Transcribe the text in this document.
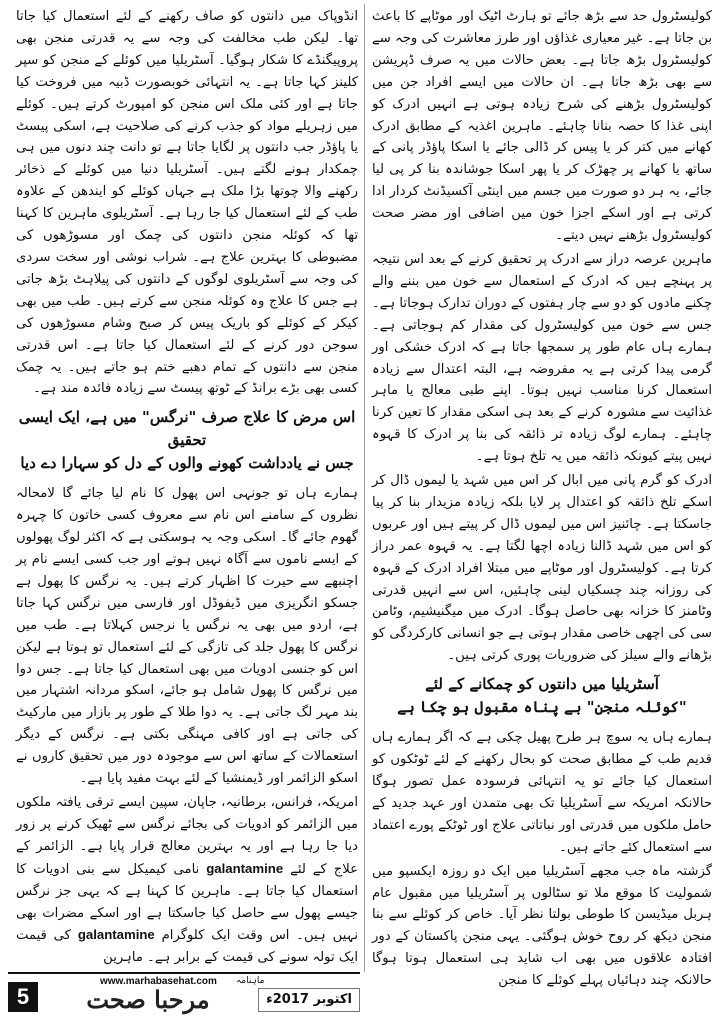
کولیسٹرول حد سے بڑھ جائے تو ہارٹ اٹیک اور موٹاپے کا باعث بن جاتا ہے۔ غیر معیاری غذاؤں اور طرز معاشرت کی وجہ سے کولیسٹرول بڑھ جاتا ہے۔ بعض حالات میں یہ صرف ڈپریشن سے بھی بڑھ جاتا ہے۔ ان حالات میں ایسے افراد جن میں کولیسٹرول بڑھنے کی شرح زیادہ ہوتی ہے انہیں ادرک کو اپنی غذا کا حصہ بنانا چاہئے۔ ماہرین اغذیہ کے مطابق ادرک کھانے میں کتر کر یا پیس کر ڈالی جائے یا اسکا پاؤڈر پانی کے ساتھ یا کھانے پر چھڑک کر یا پھر اسکا جوشاندہ بنا کر پی لیا جائے، یہ ہر دو صورت میں جسم میں اینٹی آکسیڈنٹ کردار ادا کرتی ہے اور اسکے اجزا خون میں اضافی اور مضر صحت کولیسٹرول بڑھنے نہیں دیتے۔

ماہرین عرصہ دراز سے ادرک پر تحقیق کرنے کے بعد اس نتیجہ پر پہنچے ہیں کہ ادرک کے استعمال سے خون میں بننے والے چکنے مادوں کو دو سے چار ہفتوں کے دوران تدارک ہوجاتا ہے۔ جس سے خون میں کولیسٹرول کی مقدار کم ہوجاتی ہے۔ ہمارے ہاں عام طور پر سمجھا جاتا ہے کہ ادرک خشکی اور گرمی پیدا کرتی ہے یہ مفروضہ ہے، البتہ اعتدال سے زیادہ استعمال کرنا مناسب نہیں ہوتا۔ اپنے طبی معالج یا ماہر غذائیت سے مشورہ کرنے کے بعد ہی اسکی مقدار کا تعین کرنا چاہئے۔ ہمارے لوگ زیادہ تر ذائقہ کی بنا پر ادرک کا قہوہ نہیں پیتے کیونکہ ذائقہ میں یہ تلخ ہوتا ہے۔

ادرک کو گرم پانی میں ابال کر اس میں شہد یا لیموں ڈال کر اسکے تلخ ذائقہ کو اعتدال پر لایا بلکہ زیادہ مزیدار بنا کر پیا جاسکتا ہے۔ چائنیز اس میں لیموں ڈال کر پیتے ہیں اور عربوں کو اس میں شہد ڈالنا زیادہ اچھا لگتا ہے۔ یہ قہوہ عمر دراز کرتا ہے۔ کولیسٹرول اور موٹاپے میں مبتلا افراد ادرک کے قہوہ کی روزانہ چند چسکیاں لینی چاہئیں، اس سے انہیں قدرتی وٹامنز کا خزانہ بھی حاصل ہوگا۔ ادرک میں میگنیشیم، وٹامن سی کی اچھی خاصی مقدار ہوتی ہے جو انسانی کارکردگی کو بڑھانے والے سیلز کی ضروریات پوری کرتی ہیں۔

آسٹریلیا میں دانتوں کو چمکانے کے لئے
"کوئلہ منجن" بے پناہ مقبول ہو چکا ہے

ہمارے ہاں یہ سوچ ہر طرح پھیل چکی ہے کہ اگر ہمارے ہاں قدیم طب کے مطابق صحت کو بحال رکھنے کے لئے ٹوٹکوں کو استعمال کیا جائے تو یہ انتہائی فرسودہ عمل تصور ہوگا حالانکہ امریکہ سے آسٹریلیا تک بھی متمدن اور عہد جدید کے حامل ملکوں میں قدرتی اور نباتاتی علاج اور ٹوٹکے پورے اعتماد سے استعمال کئے جاتے ہیں۔

گزشتہ ماہ جب مجھے آسٹریلیا میں ایک دو روزہ ایکسپو میں شمولیت کا موقع ملا تو سٹالوں پر آسٹریلیا میں مقبول عام ہربل میڈیسن کا طوطی بولتا نظر آیا۔ خاص کر کوئلے سے بنا منجن دیکھ کر روح خوش ہوگئی۔ یہی منجن پاکستان کے دور افتادہ علاقوں میں بھی اب شاید ہی استعمال ہوتا ہوگا حالانکہ چند دہائیاں پہلے کوئلے کا منجن

انڈوپاک میں دانتوں کو صاف رکھنے کے لئے استعمال کیا جاتا تھا۔ لیکن طب مخالفت کی وجہ سے یہ قدرتی منجن بھی پروپیگنڈے کا شکار ہوگیا۔ آسٹریلیا میں کوئلے کے منجن کو سپر کلینز کہا جاتا ہے۔ یہ انتہائی خوبصورت ڈبیہ میں فروخت کیا جاتا ہے اور کئی ملک اس منجن کو امپورٹ کرتے ہیں۔ کوئلے میں زہریلے مواد کو جذب کرنے کی صلاحیت ہے، اسکی پیسٹ یا پاؤڈر جب دانتوں پر لگایا جاتا ہے تو دانت چند دنوں میں ہی چمکدار ہونے لگتے ہیں۔ آسٹریلیا دنیا میں کوئلے کے ذخائر رکھنے والا چوتھا بڑا ملک ہے جہاں کوئلے کو ایندھن کے علاوہ طب کے لئے استعمال کیا جا رہا ہے۔ آسٹریلوی ماہرین کا کہنا تھا کہ کوئلہ منجن دانتوں کی چمک اور مسوڑھوں کی مضبوطی کا بہترین علاج ہے۔ شراب نوشی اور سخت سردی کی وجہ سے آسٹریلوی لوگوں کے دانتوں کی پیلاہٹ بڑھ جاتی ہے جس کا علاج وہ کوئلہ منجن سے کرتے ہیں۔ طب میں بھی کیکر کے کوئلے کو باریک پیس کر صبح وشام مسوڑھوں کی سوجن دور کرنے کے لئے استعمال کیا جاتا ہے۔ اس قدرتی منجن سے دانتوں کے تمام دھبے ختم ہو جاتے ہیں۔ یہ چمک کسی بھی بڑے برانڈ کے ٹوتھ پیسٹ سے زیادہ فائدہ مند ہے۔

اس مرض کا علاج صرف "نرگس" میں ہے، ایک ایسی تحقیق
جس نے یادداشت کھونے والوں کے دل کو سہارا دے دیا

ہمارے ہاں تو جونہی اس پھول کا نام لیا جائے گا لامحالہ نظروں کے سامنے اس نام سے معروف کسی خاتون کا چہرہ گھوم جائے گا۔ اسکی وجہ یہ ہوسکتی ہے کہ اکثر لوگ پھولوں کے ایسے ناموں سے آگاہ نہیں ہوتے اور جب کسی ایسے نام پر اچنبھے سے حیرت کا اظہار کرتے ہیں۔ یہ نرگس کا پھول ہے جسکو انگریزی میں ڈیفوڈل اور فارسی میں نرگس کہا جاتا ہے، اردو میں بھی یہ نرگس یا نرجس کہلاتا ہے۔ طب میں نرگس کا پھول جلد کی تازگی کے لئے استعمال تو ہوتا ہے لیکن اس کو جنسی ادویات میں بھی استعمال کیا جاتا ہے۔ جس دوا میں نرگس کا پھول شامل ہو جائے، اسکو مردانہ اشتہار میں بند مہر لگ جاتی ہے۔ یہ دوا طلا کے طور پر بازار میں مارکیٹ کی جاتی ہے اور کافی مہنگی بکتی ہے۔ نرگس کے دیگر استعمالات کے ساتھ اس سے موجودہ دور میں تحقیق کاروں نے اسکو الزائمر اور ڈیمنشیا کے لئے بہت مفید پایا ہے۔

امریکہ، فرانس، برطانیہ، جاپان، سپین ایسے ترقی یافتہ ملکوں میں الزائمر کو ادویات کی بجائے نرگس سے ٹھیک کرنے پر زور دیا جا رہا ہے اور یہ بہترین معالج قرار پایا ہے۔ الزائمر کے علاج کے لئے galantamine نامی کیمیکل سے بنی ادویات کا استعمال کیا جاتا ہے۔ ماہرین کا کہنا ہے کہ یہی جز نرگس جیسے پھول سے حاصل کیا جاسکتا ہے اور اسکے مضرات بھی نہیں ہیں۔ اس وقت ایک کلوگرام galantamine کی قیمت ایک تولہ سونے کی قیمت کے برابر ہے۔ ماہرین

www.marhabasehat.com
5
ماہنامہ
مرحبا صحت	اکتوبر 2017ء
